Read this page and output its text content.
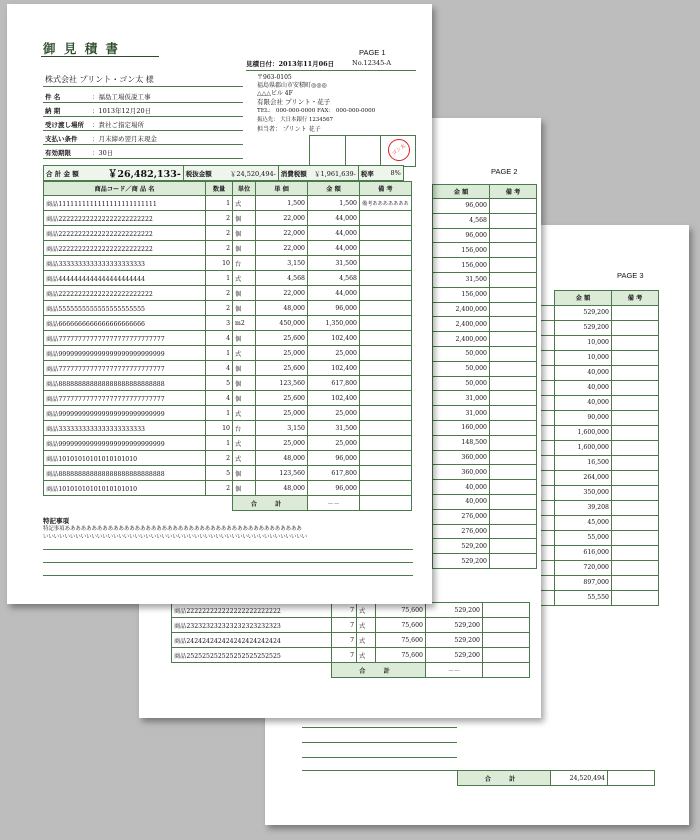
PAGE 3
			金 額	備 考
			529,200	
			529,200	
			10,000	
			10,000	
			40,000	
			40,000	
			40,000	
			90,000	
			1,600,000	
			1,600,000	
			16,500	
			264,000	
			350,000	
			39,208	
			45,000	
			55,000	
			616,000	
			720,000	
			897,000	
			55,550	
合 計	24,520,494	
PAGE 2
金 額	備 考
96,000	
4,568	
96,000	
156,000	
156,000	
31,500	
156,000	
2,400,000	
2,400,000	
2,400,000	
50,000	
50,000	
50,000	
31,000	
31,000	
160,000	
148,500	
360,000	
360,000	
40,000	
40,000	
276,000	
276,000	
529,200	
529,200	
商品222222222222222222222222	7	式	75,600	529,200	
商品232323232323232323232323	7	式	75,600	529,200	
商品242424242424242424242424	7	式	75,600	529,200	
商品252525252525252525252525	7	式	75,600	529,200	
	合 計			－－	
御 見 積 書	PAGE 1
見積日付：2013年11月06日	No.12345-A
株式会社 プリント・ゴン太 様
件 名	：福島工場仮説工事
納 期	：1013年12月20日
受け渡し場所 ：貴社ご指定場所
支払い条件 ：月末締め翌月末現金
有効期限	：30日
〒963-0105
福島県郡山市安積町◎◎◎
△△△ビル 4F
有限会社 プリント・花子
TEL： 000-000-0000 FAX： 000-000-0000
振込先： 大日本銀行 1234567
担当者： プリント 花子
ゴン太
合 計 金 額	￥26,482,133-	税抜金額	￥24,520,494-	消費税額	￥1,961,639-	税率	8%
商品コード／商 品 名	数量	単位	単 価	金 額	備 考
商品1111111111111111111111111	1	式	1,500	1,500	備考あああああああ
商品222222222222222222222222	2	個	22,000	44,000	
商品222222222222222222222222	2	個	22,000	44,000	
商品222222222222222222222222	2	個	22,000	44,000	
商品3333333333333333333333	10	台	3,150	31,500	
商品4444444444444444444444	1	式	4,568	4,568	
商品222222222222222222222222	2	個	22,000	44,000	
商品5555555555555555555555	2	個	48,000	96,000	
商品6666666666666666666666	3	m2	450,000	1,350,000	
商品777777777777777777777777777	4	個	25,600	102,400	
商品999999999999999999999999999	1	式	25,000	25,000	
商品777777777777777777777777777	4	個	25,600	102,400	
商品888888888888888888888888888	5	個	123,560	617,800	
商品777777777777777777777777777	4	個	25,600	102,400	
商品999999999999999999999999999	1	式	25,000	25,000	
商品3333333333333333333333	10	台	3,150	31,500	
商品999999999999999999999999999	1	式	25,000	25,000	
商品10101010101010101010	2	式	48,000	96,000	
商品888888888888888888888888888	5	個	123,560	617,800	
商品10101010101010101010	2	個	48,000	96,000	
		合 計		－－	
特記事項
特記事項ああああああああああああああああああああああああああああああああああああああああああああ
いいいいいいいいいいいいいいいいいいいいいいいいいいいいいいいいいいいいいいいいいいいいいいいいい
